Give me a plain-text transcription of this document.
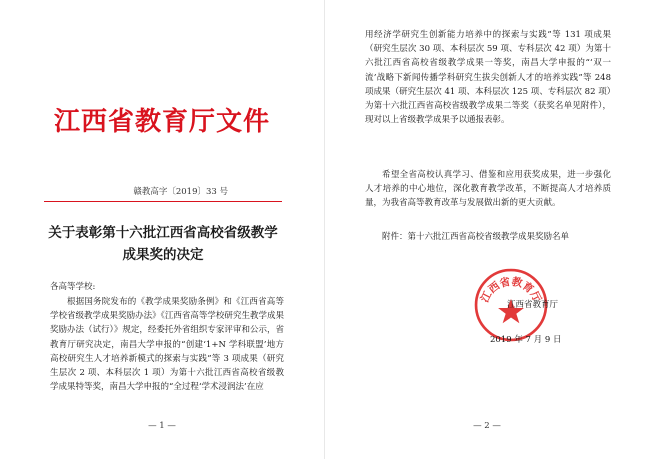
江西省教育厅文件
赣教高字〔2019〕33 号
关于表彰第十六批江西省高校省级教学
成果奖的决定
各高等学校:

根据国务院发布的《教学成果奖励条例》和《江西省高等学校省级教学成果奖励办法》《江西省高等学校研究生教学成果奖励办法（试行）》规定，经委托外省组织专家评审和公示，省教育厅研究决定，南昌大学申报的“创建‘1+N 学科联盟’地方高校研究生人才培养新模式的探索与实践”等 3 项成果（研究生层次 2 项、本科层次 1 项）为第十六批江西省高校省级教学成果特等奖，南昌大学申报的“全过程‘学术浸润法’在应

— 1 —

用经济学研究生创新能力培养中的探索与实践”等 131 项成果（研究生层次 30 项、本科层次 59 项、专科层次 42 项）为第十六批江西省高校省级教学成果一等奖，南昌大学申报的“‘双一流’战略下新闻传播学科研究生拔尖创新人才的培养实践”等 248 项成果（研究生层次 41 项、本科层次 125 项、专科层次 82 项）为第十六批江西省高校省级教学成果二等奖（获奖名单见附件），现对以上省级教学成果予以通报表彰。

希望全省高校认真学习、借鉴和应用获奖成果，进一步强化人才培养的中心地位，深化教育教学改革，不断提高人才培养质量，为我省高等教育改革与发展做出新的更大贡献。

附件：第十六批江西省高校省级教学成果奖励名单
江西省教育厅
江西省教育厅
2019 年 7 月 9 日
— 2 —
